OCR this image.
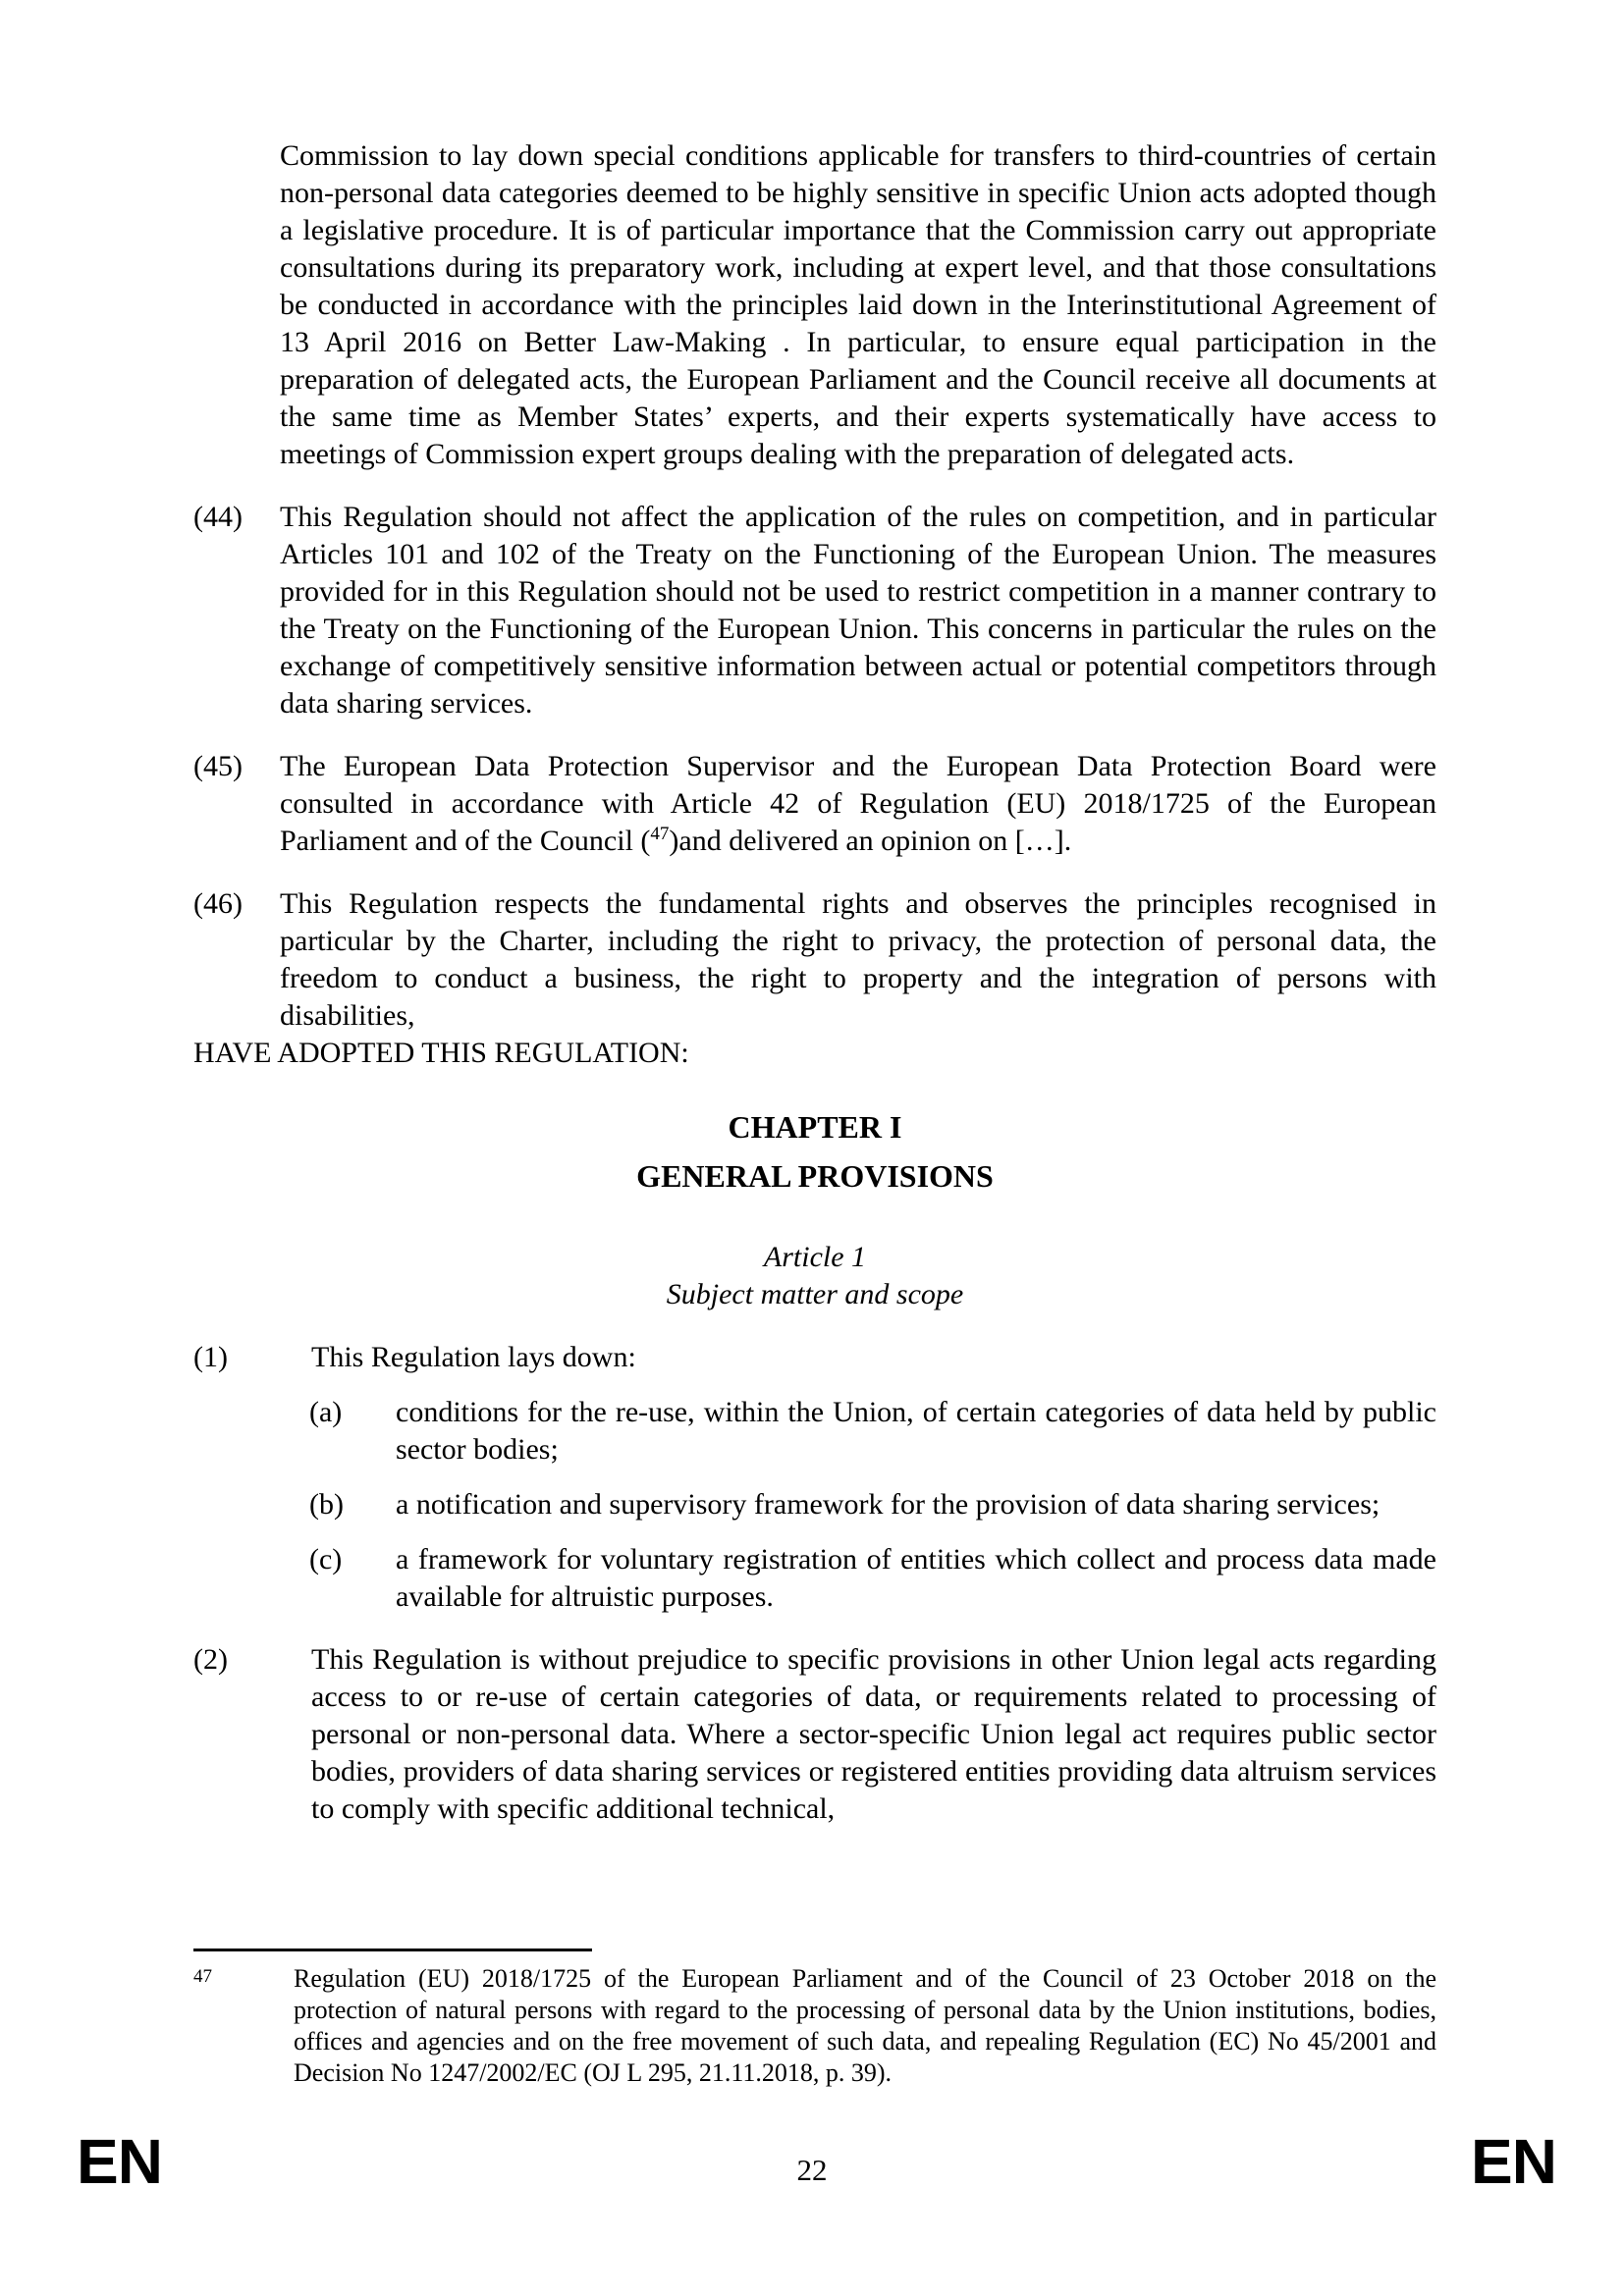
Commission to lay down special conditions applicable for transfers to third-countries of certain non-personal data categories deemed to be highly sensitive in specific Union acts adopted though a legislative procedure. It is of particular importance that the Commission carry out appropriate consultations during its preparatory work, including at expert level, and that those consultations be conducted in accordance with the principles laid down in the Interinstitutional Agreement of 13 April 2016 on Better Law-Making . In particular, to ensure equal participation in the preparation of delegated acts, the European Parliament and the Council receive all documents at the same time as Member States’ experts, and their experts systematically have access to meetings of Commission expert groups dealing with the preparation of delegated acts.

(44) This Regulation should not affect the application of the rules on competition, and in particular Articles 101 and 102 of the Treaty on the Functioning of the European Union. The measures provided for in this Regulation should not be used to restrict competition in a manner contrary to the Treaty on the Functioning of the European Union. This concerns in particular the rules on the exchange of competitively sensitive information between actual or potential competitors through data sharing services.

(45) The European Data Protection Supervisor and the European Data Protection Board were consulted in accordance with Article 42 of Regulation (EU) 2018/1725 of the European Parliament and of the Council ($^{47}$)and delivered an opinion on […].

(46) This Regulation respects the fundamental rights and observes the principles recognised in particular by the Charter, including the right to privacy, the protection of personal data, the freedom to conduct a business, the right to property and the integration of persons with disabilities,

HAVE ADOPTED THIS REGULATION:

CHAPTER I
GENERAL PROVISIONS
Article 1
Subject matter and scope
(1)	This Regulation lays down:

(a) conditions for the re-use, within the Union, of certain categories of data held by public sector bodies;

(b) a notification and supervisory framework for the provision of data sharing services;

(c) a framework for voluntary registration of entities which collect and process data made available for altruistic purposes.

(2)	This Regulation is without prejudice to specific provisions in other Union legal acts regarding access to or re-use of certain categories of data, or requirements related to processing of personal or non-personal data. Where a sector-specific Union legal act requires public sector bodies, providers of data sharing services or registered entities providing data altruism services to comply with specific additional technical,

47	Regulation (EU) 2018/1725 of the European Parliament and of the Council of 23 October 2018 on the protection of natural persons with regard to the processing of personal data by the Union institutions, bodies, offices and agencies and on the free movement of such data, and repealing Regulation (EC) No 45/2001 and Decision No 1247/2002/EC (OJ L 295, 21.11.2018, p. 39).

EN	22	EN
